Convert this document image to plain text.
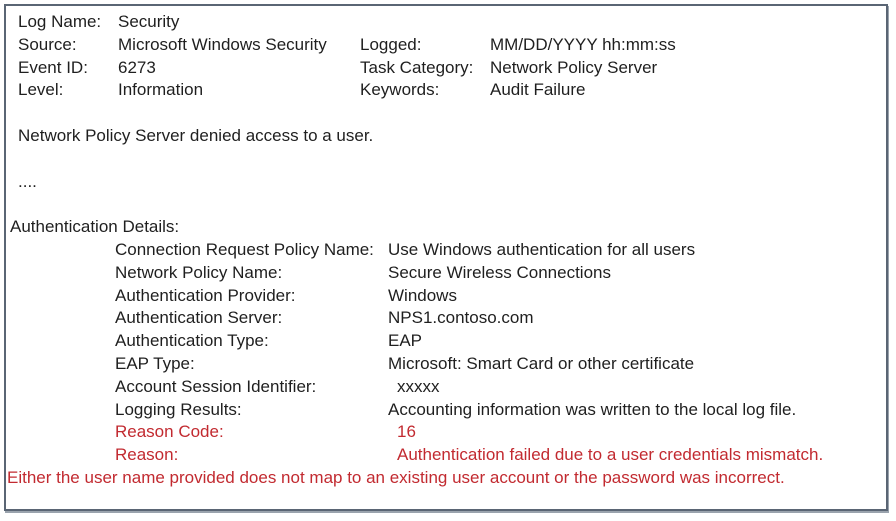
Log Name: Security
Source:	Microsoft Windows Security	Logged:	MM/DD/YYYY hh:mm:ss
Event ID:	6273	Task Category: Network Policy Server
Level:	Information	Keywords:	Audit Failure
Network Policy Server denied access to a user.
....
Authentication Details:
Connection Request Policy Name: Use Windows authentication for all users
Network Policy Name:	Secure Wireless Connections
Authentication Provider:	Windows
Authentication Server:	NPS1.contoso.com
Authentication Type:	EAP
EAP Type:	Microsoft: Smart Card or other certificate
Account Session Identifier:	xxxxx
Logging Results:	Accounting information was written to the local log file.
Reason Code:	16
Reason:	Authentication failed due to a user credentials mismatch.
Either the user name provided does not map to an existing user account or the password was incorrect.
